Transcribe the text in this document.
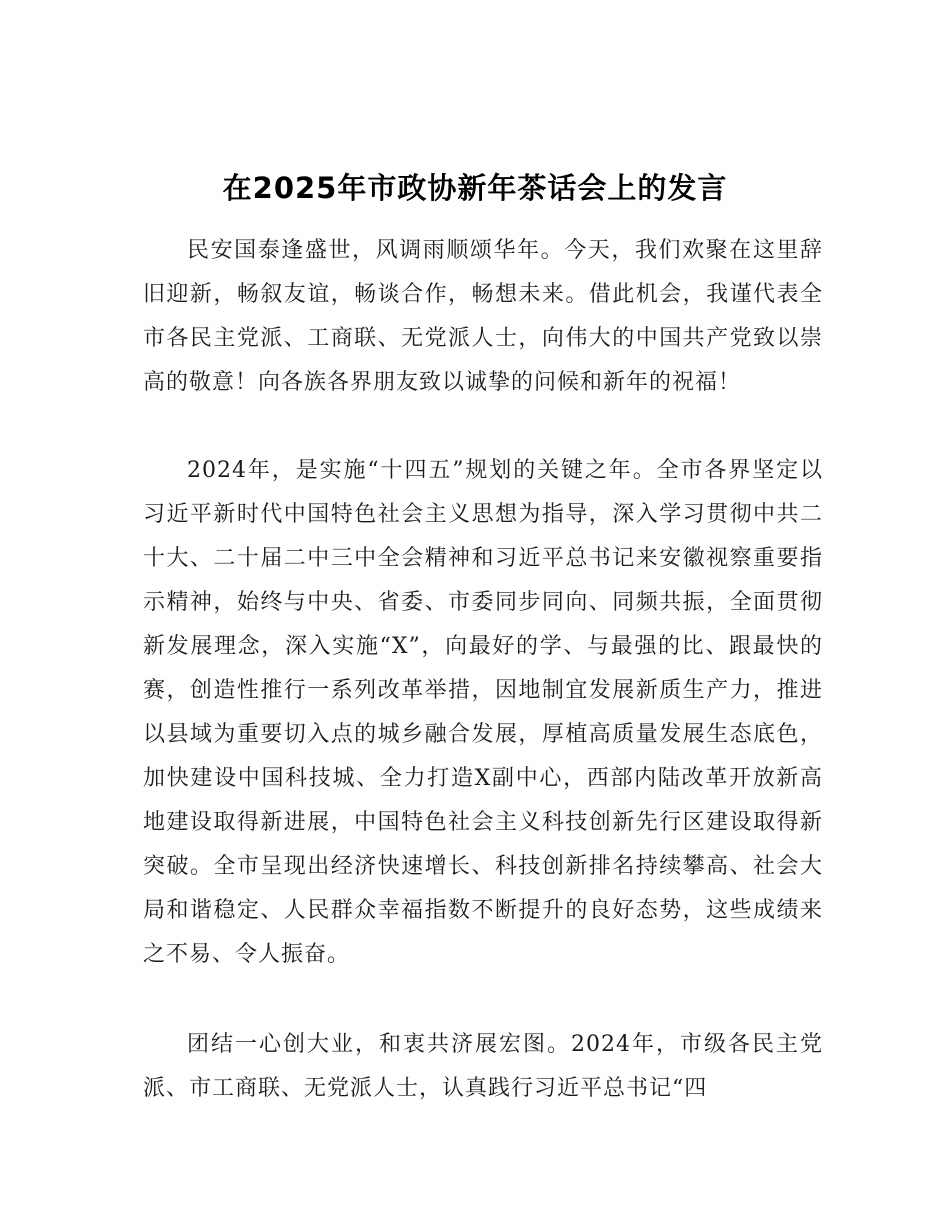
在2025年市政协新年茶话会上的发言

民安国泰逢盛世，风调雨顺颂华年。今天，我们欢聚在这里辞旧迎新，畅叙友谊，畅谈合作，畅想未来。借此机会，我谨代表全市各民主党派、工商联、无党派人士，向伟大的中国共产党致以崇高的敬意！向各族各界朋友致以诚挚的问候和新年的祝福！

2024年，是实施“十四五”规划的关键之年。全市各界坚定以习近平新时代中国特色社会主义思想为指导，深入学习贯彻中共二十大、二十届二中三中全会精神和习近平总书记来安徽视察重要指示精神，始终与中央、省委、市委同步同向、同频共振，全面贯彻新发展理念，深入实施“X”，向最好的学、与最强的比、跟最快的赛，创造性推行一系列改革举措，因地制宜发展新质生产力，推进以县域为重要切入点的城乡融合发展，厚植高质量发展生态底色，加快建设中国科技城、全力打造X副中心，西部内陆改革开放新高地建设取得新进展，中国特色社会主义科技创新先行区建设取得新突破。全市呈现出经济快速增长、科技创新排名持续攀高、社会大局和谐稳定、人民群众幸福指数不断提升的良好态势，这些成绩来之不易、令人振奋。

团结一心创大业，和衷共济展宏图。2024年，市级各民主党派、市工商联、无党派人士，认真践行习近平总书记“四
